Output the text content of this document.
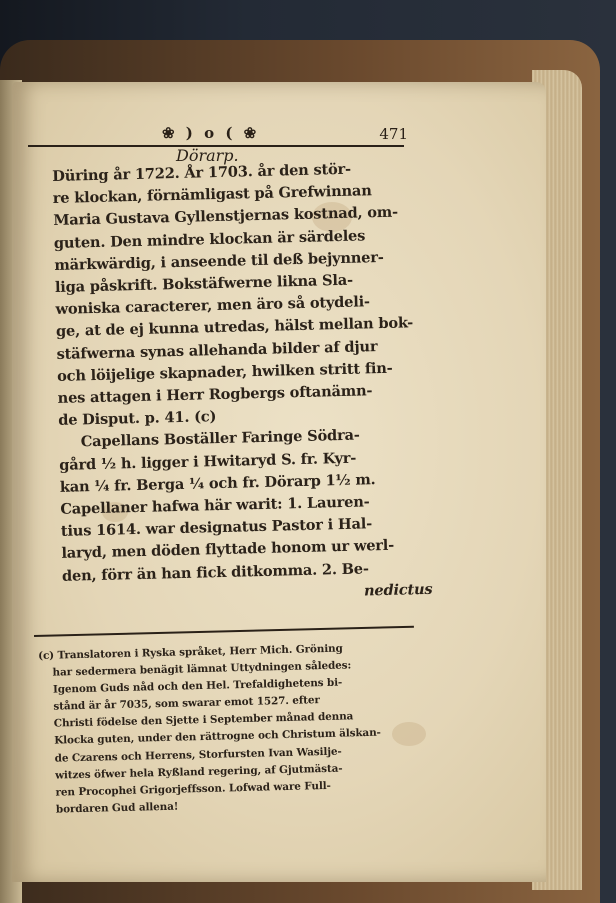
❀ ) o ( ❀	471
Dörarp.
Düring år 1722. År 1703. år den stör-
re klockan, förnämligast på Grefwinnan
Maria Gustava Gyllenstjernas kostnad, om-
guten. Den mindre klockan är särdeles
märkwärdig, i anseende til deß bejynner-
liga påskrift. Bokstäfwerne likna Sla-
woniska caracterer, men äro så otydeli-
ge, at de ej kunna utredas, hälst mellan bok-
stäfwerna synas allehanda bilder af djur
och löijelige skapnader, hwilken stritt fin-
nes attagen i Herr Rogbergs oftanämn-
de Disput. p. 41. (c)
Capellans Boställer Faringe Södra-
gård ½ h. ligger i Hwitaryd S. fr. Kyr-
kan ¼ fr. Berga ¼ och fr. Dörarp 1½ m.
Capellaner hafwa här warit: 1. Lauren-
tius 1614. war designatus Pastor i Hal-
laryd, men döden flyttade honom ur werl-
den, förr än han fick ditkomma. 2. Be-
nedictus
(c) Translatoren i Ryska språket, Herr Mich. Gröning
har sedermera benägit lämnat Uttydningen således:
Igenom Guds nåd och den Hel. Trefaldighetens bi-
stånd är år 7035, som swarar emot 1527. efter
Christi födelse den Sjette i September månad denna
Klocka guten, under den rättrogne och Christum älskan-
de Czarens och Herrens, Storfursten Ivan Wasilje-
witzes öfwer hela Ryßland regering, af Gjutmästa-
ren Procophei Grigorjeffsson. Lofwad ware Full-
bordaren Gud allena!
